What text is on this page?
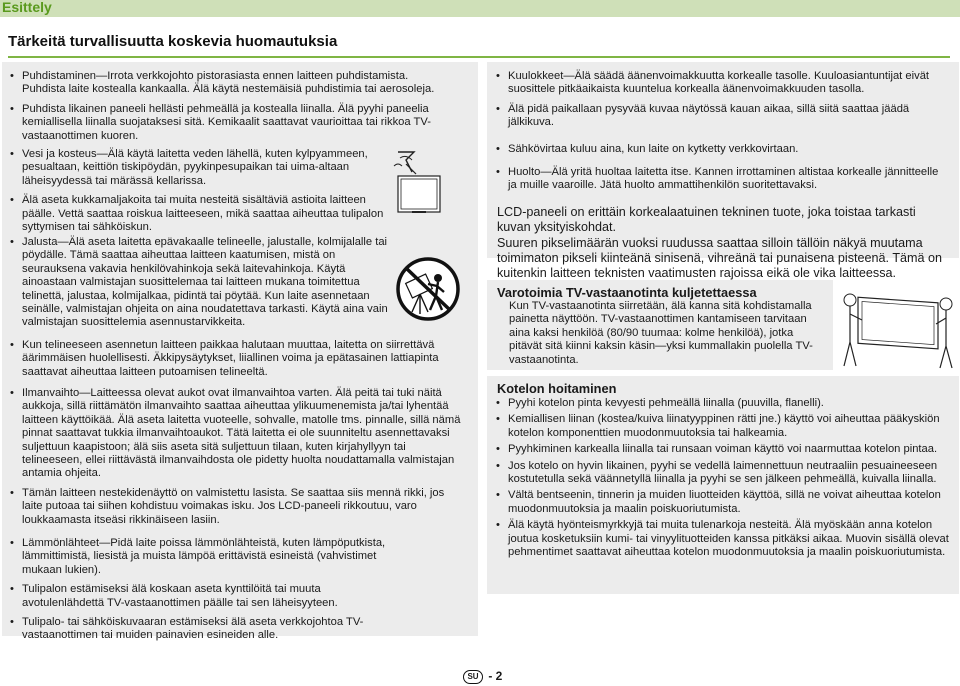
Esittely
Tärkeitä turvallisuutta koskevia huomautuksia
• Puhdistaminen—Irrota verkkojohto pistorasiasta ennen laitteen puhdistamista. Puhdista laite kostealla kankaalla. Älä käytä nestemäisiä puhdistimia tai aerosoleja.
• Puhdista likainen paneeli hellästi pehmeällä ja kostealla liinalla. Älä pyyhi paneelia kemiallisella liinalla suojataksesi sitä. Kemikaalit saattavat vaurioittaa tai rikkoa TV-vastaanottimen kuoren.
• Vesi ja kosteus—Älä käytä laitetta veden lähellä, kuten kylpyammeen, pesualtaan, keittiön tiskipöydän, pyykinpesupaikan tai uima-altaan läheisyydessä tai märässä kellarissa.
• Älä aseta kukkamaljakoita tai muita nesteitä sisältäviä astioita laitteen päälle. Vettä saattaa roiskua laitteeseen, mikä saattaa aiheuttaa tulipalon syttymisen tai sähköiskun.
• Jalusta—Älä aseta laitetta epävakaalle telineelle, jalustalle, kolmijalalle tai pöydälle. Tämä saattaa aiheuttaa laitteen kaatumisen, mistä on seurauksena vakavia henkilövahinkoja sekä laitevahinkoja. Käytä ainoastaan valmistajan suosittelemaa tai laitteen mukana toimitettua telinettä, jalustaa, kolmijalkaa, pidintä tai pöytää. Kun laite asennetaan seinälle, valmistajan ohjeita on aina noudatettava tarkasti. Käytä aina vain valmistajan suosittelemia asennustarvikkeita.
• Kun telineeseen asennetun laitteen paikkaa halutaan muuttaa, laitetta on siirrettävä äärimmäisen huolellisesti. Äkkipysäytykset, liiallinen voima ja epätasainen lattiapinta saattavat aiheuttaa laitteen putoamisen telineeltä.
• Ilmanvaihto—Laitteessa olevat aukot ovat ilmanvaihtoa varten. Älä peitä tai tuki näitä aukkoja, sillä riittämätön ilmanvaihto saattaa aiheuttaa ylikuumenemista ja/tai lyhentää laitteen käyttöikää. Älä aseta laitetta vuoteelle, sohvalle, matolle tms. pinnalle, sillä nämä pinnat saattavat tukkia ilmanvaihtoaukot. Tätä laitetta ei ole suunniteltu asennettavaksi suljettuun kaapistoon; älä siis aseta sitä suljettuun tilaan, kuten kirjahyllyyn tai telineeseen, ellei riittävästä ilmanvaihdosta ole pidetty huolta noudattamalla valmistajan antamia ohjeita.
• Tämän laitteen nestekidenäyttö on valmistettu lasista. Se saattaa siis mennä rikki, jos laite putoaa tai siihen kohdistuu voimakas isku. Jos LCD-paneeli rikkoutuu, varo loukkaamasta itseäsi rikkinäiseen lasiin.
• Lämmönlähteet—Pidä laite poissa lämmönlähteistä, kuten lämpöputkista, lämmittimistä, liesistä ja muista lämpöä erittävistä esineistä (vahvistimet mukaan lukien).
• Tulipalon estämiseksi älä koskaan aseta kynttilöitä tai muuta avotulenlähdettä TV-vastaanottimen päälle tai sen läheisyyteen.
• Tulipalo- tai sähköiskuvaaran estämiseksi älä aseta verkkojohtoa TV-vastaanottimen tai muiden painavien esineiden alle.
• Kuulokkeet—Älä säädä äänenvoimakkuutta korkealle tasolle. Kuuloasiantuntijat eivät suosittele pitkäaikaista kuuntelua korkealla äänenvoimakkuuden tasolla.
• Älä pidä paikallaan pysyvää kuvaa näytössä kauan aikaa, sillä siitä saattaa jäädä jälkikuva.
• Sähkövirtaa kuluu aina, kun laite on kytketty verkkovirtaan.
• Huolto—Älä yritä huoltaa laitetta itse. Kannen irrottaminen altistaa korkealle jännitteelle ja muille vaaroille. Jätä huolto ammattihenkilön suoritettavaksi.
LCD-paneeli on erittäin korkealaatuinen tekninen tuote, joka toistaa tarkasti kuvan yksityiskohdat.
Suuren pikselimäärän vuoksi ruudussa saattaa silloin tällöin näkyä muutama toimimaton pikseli kiinteänä sinisenä, vihreänä tai punaisena pisteenä. Tämä on kuitenkin laitteen teknisten vaatimusten rajoissa eikä ole vika laitteessa.
Varotoimia TV-vastaanotinta kuljetettaessa
Kun TV-vastaanotinta siirretään, älä kanna sitä kohdistamalla painetta näyttöön. TV-vastaanottimen kantamiseen tarvitaan aina kaksi henkilöä (80/90 tuumaa: kolme henkilöä), jotka pitävät sitä kiinni kaksin käsin—yksi kummallakin puolella TV-vastaanotinta.
Kotelon hoitaminen
• Pyyhi kotelon pinta kevyesti pehmeällä liinalla (puuvilla, flanelli).
• Kemiallisen liinan (kostea/kuiva liinatyyppinen rätti jne.) käyttö voi aiheuttaa pääkyskiön kotelon komponenttien muodonmuutoksia tai halkeamia.
• Pyyhkiminen karkealla liinalla tai runsaan voiman käyttö voi naarmuttaa kotelon pintaa.
• Jos kotelo on hyvin likainen, pyyhi se vedellä laimennettuun neutraaliin pesuaineeseen kostutetulla sekä väännetyllä liinalla ja pyyhi se sen jälkeen pehmeällä, kuivalla liinalla.
• Vältä bentseenin, tinnerin ja muiden liuotteiden käyttöä, sillä ne voivat aiheuttaa kotelon muodonmuutoksia ja maalin poiskuoriutumista.
• Älä käytä hyönteismyrkkyjä tai muita tulenarkoja nesteitä. Älä myöskään anna kotelon joutua kosketuksiin kumi- tai vinyylituotteiden kanssa pitkäksi aikaa. Muovin sisällä olevat pehmentimet saattavat aiheuttaa kotelon muodonmuutoksia ja maalin poiskuoriutumista.
SU - 2
